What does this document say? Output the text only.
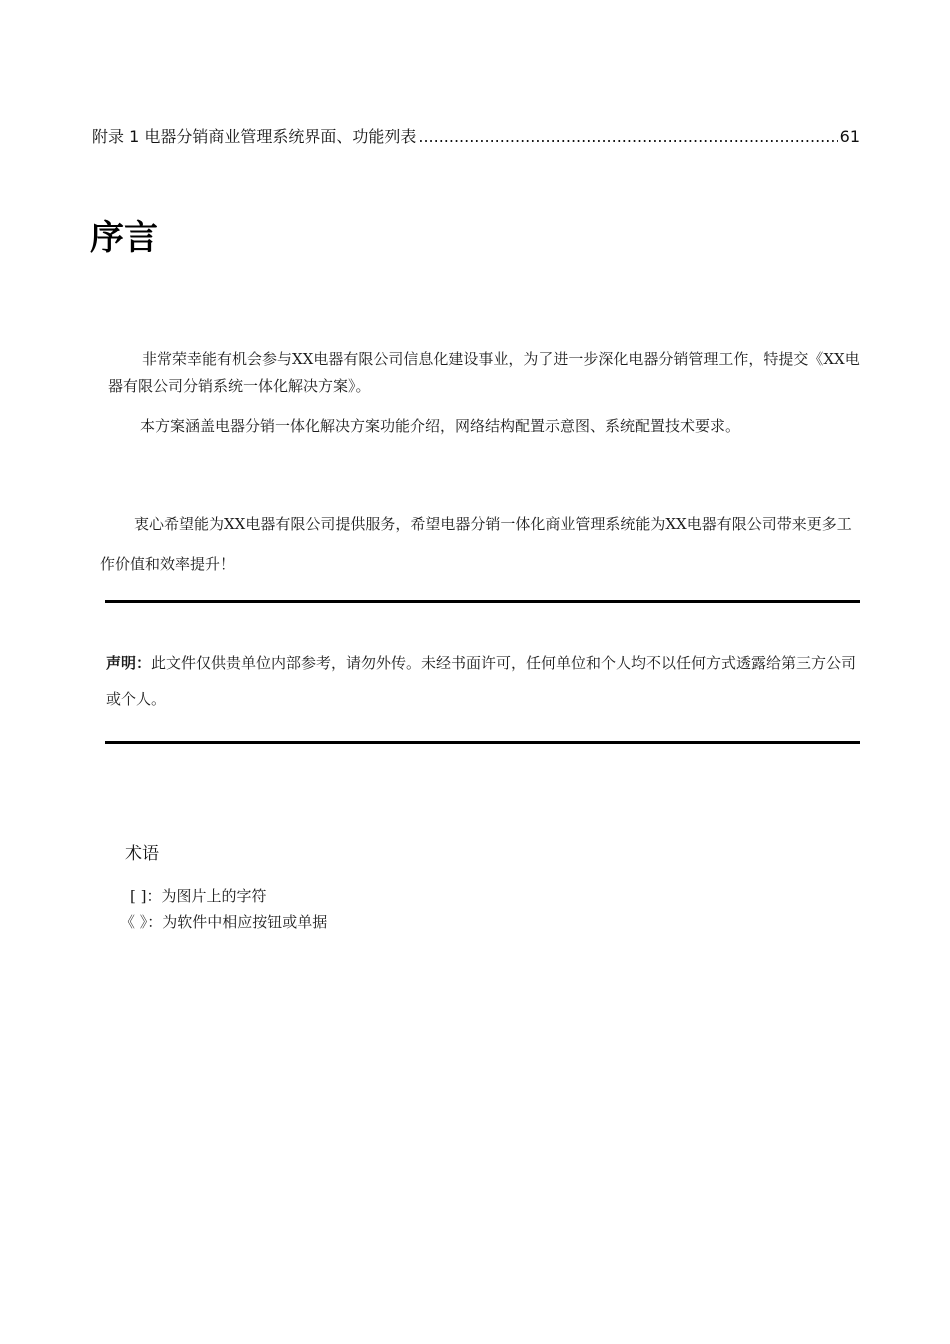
附录 1 电器分销商业管理系统界面、功能列表
.....	61
序言

非常荣幸能有机会参与XX电器有限公司信息化建设事业，为了进一步深化电器分销管理工作，特提交《XX电器有限公司分销系统一体化解决方案》。

本方案涵盖电器分销一体化解决方案功能介绍，网络结构配置示意图、系统配置技术要求。

衷心希望能为XX电器有限公司提供服务，希望电器分销一体化商业管理系统能为XX电器有限公司带来更多工作价值和效率提升！

声明：此文件仅供贵单位内部参考，请勿外传。未经书面许可，任何单位和个人均不以任何方式透露给第三方公司或个人。

术语
[ ]：为图片上的字符
《 》：为软件中相应按钮或单据
